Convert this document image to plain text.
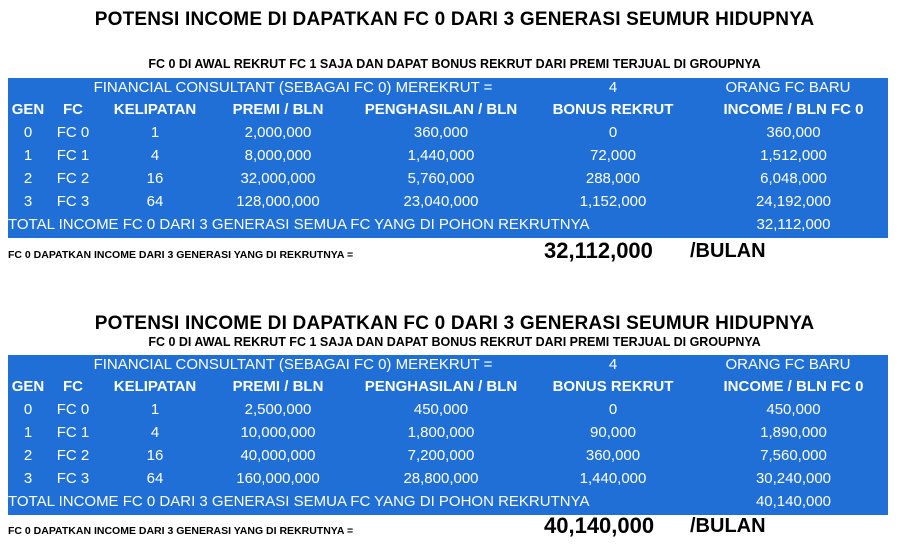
POTENSI INCOME DI DAPATKAN FC 0 DARI 3 GENERASI SEUMUR HIDUPNYA
FC 0 DI AWAL REKRUT FC 1 SAJA DAN DAPAT BONUS REKRUT DARI PREMI TERJUAL DI GROUPNYA
FINANCIAL CONSULTANT (SEBAGAI FC 0) MEREKRUT =	4	ORANG FC BARU
GEN	FC	KELIPATAN	PREMI / BLN	PENGHASILAN / BLN	BONUS REKRUT	INCOME / BLN FC 0
0	FC 0	1	2,000,000	360,000	0	360,000
1	FC 1	4	8,000,000	1,440,000	72,000	1,512,000
2	FC 2	16	32,000,000	5,760,000	288,000	6,048,000
3	FC 3	64	128,000,000	23,040,000	1,152,000	24,192,000
TOTAL INCOME FC 0 DARI 3 GENERASI SEMUA FC YANG DI POHON REKRUTNYA	32,112,000
FC 0 DAPATKAN INCOME DARI 3 GENERASI YANG DI REKRUTNYA =	32,112,000 /BULAN
POTENSI INCOME DI DAPATKAN FC 0 DARI 3 GENERASI SEUMUR HIDUPNYA
FC 0 DI AWAL REKRUT FC 1 SAJA DAN DAPAT BONUS REKRUT DARI PREMI TERJUAL DI GROUPNYA
FINANCIAL CONSULTANT (SEBAGAI FC 0) MEREKRUT =	4	ORANG FC BARU
GEN	FC	KELIPATAN	PREMI / BLN	PENGHASILAN / BLN	BONUS REKRUT	INCOME / BLN FC 0
0	FC 0	1	2,500,000	450,000	0	450,000
1	FC 1	4	10,000,000	1,800,000	90,000	1,890,000
2	FC 2	16	40,000,000	7,200,000	360,000	7,560,000
3	FC 3	64	160,000,000	28,800,000	1,440,000	30,240,000
TOTAL INCOME FC 0 DARI 3 GENERASI SEMUA FC YANG DI POHON REKRUTNYA	40,140,000
FC 0 DAPATKAN INCOME DARI 3 GENERASI YANG DI REKRUTNYA =	40,140,000 /BULAN
